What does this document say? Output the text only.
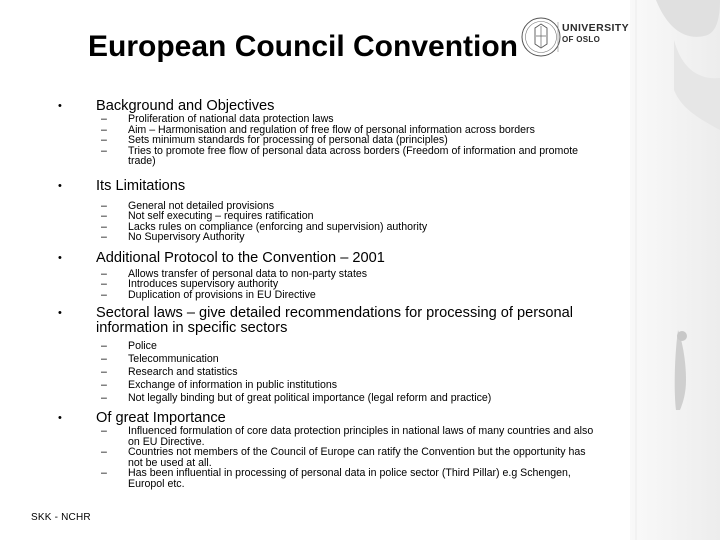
UNIVERSITY
OF OSLO
European Council Convention
•	Background and Objectives
– Proliferation of national data protection laws
– Aim – Harmonisation and regulation of free flow of personal information across borders
– Sets minimum standards for processing of personal data (principles)
– Tries to promote free flow of personal data across borders (Freedom of information and promote trade)
•	Its Limitations
– General not detailed provisions
– Not self executing – requires ratification
– Lacks rules on compliance (enforcing and supervision) authority
– No Supervisory Authority
•	Additional Protocol to the Convention – 2001
– Allows transfer of personal data to non-party states
– Introduces supervisory authority
– Duplication of provisions in EU Directive
•	Sectoral laws – give detailed recommendations for processing of personal information in specific sectors
– Police
– Telecommunication
– Research and statistics
– Exchange of information in public institutions
– Not legally binding but of great political importance (legal reform and practice)
•	Of great Importance
– Influenced formulation of core data protection principles in national laws of many countries and also on EU Directive.
– Countries not members of the Council of Europe can ratify the Convention but the opportunity has not be used at all.
– Has been influential in processing of personal data in police sector (Third Pillar) e.g Schengen, Europol etc.
SKK - NCHR
